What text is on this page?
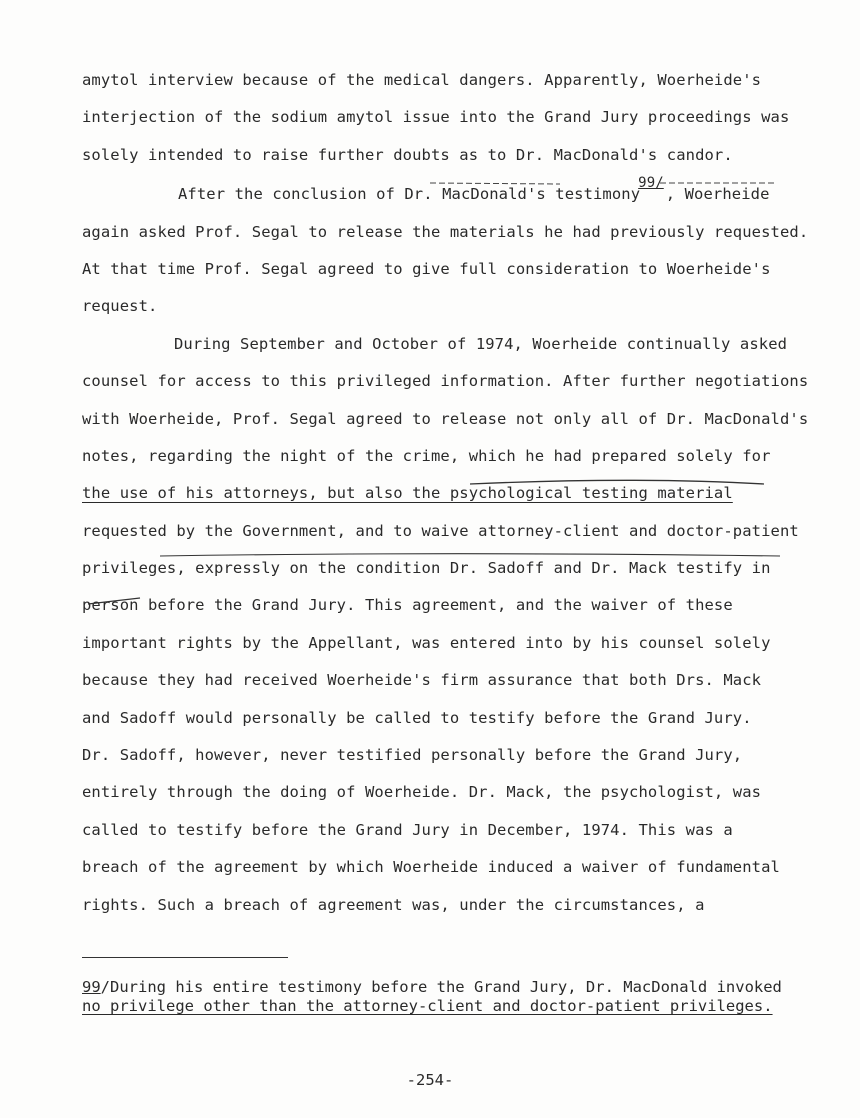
amytol interview because of the medical dangers. Apparently, Woerheide's
interjection of the sodium amytol issue into the Grand Jury proceedings was
solely intended to raise further doubts as to Dr. MacDonald's candor.
After the conclusion of Dr. MacDonald's testimony99/, Woerheide
again asked Prof. Segal to release the materials he had previously requested.
At that time Prof. Segal agreed to give full consideration to Woerheide's
request.
During September and October of 1974, Woerheide continually asked
counsel for access to this privileged information. After further negotiations
with Woerheide, Prof. Segal agreed to release not only all of Dr. MacDonald's
notes, regarding the night of the crime, which he had prepared solely for
the use of his attorneys, but also the psychological testing material
requested by the Government, and to waive attorney-client and doctor-patient
privileges, expressly on the condition Dr. Sadoff and Dr. Mack testify in
person before the Grand Jury. This agreement, and the waiver of these
important rights by the Appellant, was entered into by his counsel solely
because they had received Woerheide's firm assurance that both Drs. Mack
and Sadoff would personally be called to testify before the Grand Jury.
Dr. Sadoff, however, never testified personally before the Grand Jury,
entirely through the doing of Woerheide. Dr. Mack, the psychologist, was
called to testify before the Grand Jury in December, 1974. This was a
breach of the agreement by which Woerheide induced a waiver of fundamental
rights. Such a breach of agreement was, under the circumstances, a
99/During his entire testimony before the Grand Jury, Dr. MacDonald invoked
no privilege other than the attorney-client and doctor-patient privileges.
-254-
